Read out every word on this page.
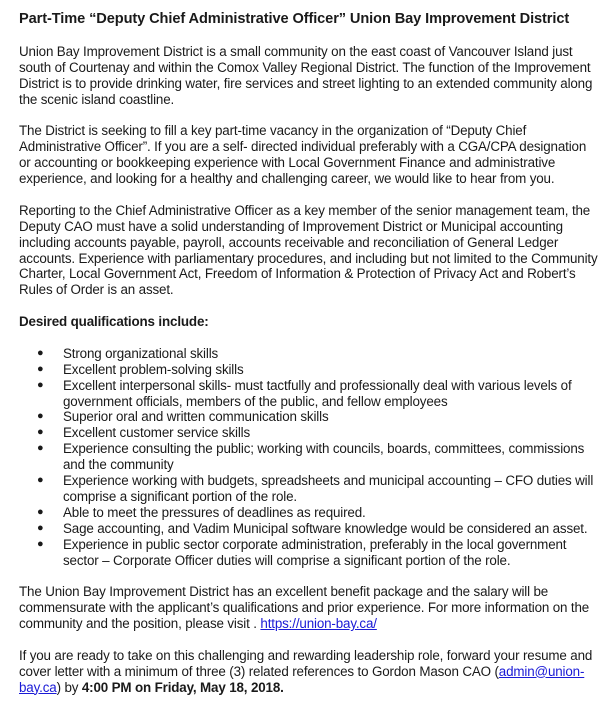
Part-Time “Deputy Chief Administrative Officer” Union Bay Improvement District

Union Bay Improvement District is a small community on the east coast of Vancouver Island just south of Courtenay and within the Comox Valley Regional District. The function of the Improvement District is to provide drinking water, fire services and street lighting to an extended community along the scenic island coastline.

The District is seeking to fill a key part-time vacancy in the organization of “Deputy Chief Administrative Officer”. If you are a self- directed individual preferably with a CGA/CPA designation or accounting or bookkeeping experience with Local Government Finance and administrative experience, and looking for a healthy and challenging career, we would like to hear from you.

Reporting to the Chief Administrative Officer as a key member of the senior management team, the Deputy CAO must have a solid understanding of Improvement District or Municipal accounting including accounts payable, payroll, accounts receivable and reconciliation of General Ledger accounts. Experience with parliamentary procedures, and including but not limited to the Community Charter, Local Government Act, Freedom of Information & Protection of Privacy Act and Robert’s Rules of Order is an asset.

Desired qualifications include:
● Strong organizational skills
● Excellent problem-solving skills
● Excellent interpersonal skills- must tactfully and professionally deal with various levels of government officials, members of the public, and fellow employees
● Superior oral and written communication skills
● Excellent customer service skills
● Experience consulting the public; working with councils, boards, committees, commissions and the community
● Experience working with budgets, spreadsheets and municipal accounting – CFO duties will comprise a significant portion of the role.
● Able to meet the pressures of deadlines as required.
● Sage accounting, and Vadim Municipal software knowledge would be considered an asset.
● Experience in public sector corporate administration, preferably in the local government sector – Corporate Officer duties will comprise a significant portion of the role.

The Union Bay Improvement District has an excellent benefit package and the salary will be commensurate with the applicant’s qualifications and prior experience. For more information on the community and the position, please visit . https://union-bay.ca/

If you are ready to take on this challenging and rewarding leadership role, forward your resume and cover letter with a minimum of three (3) related references to Gordon Mason CAO (admin@union-bay.ca) by 4:00 PM on Friday, May 18, 2018.
